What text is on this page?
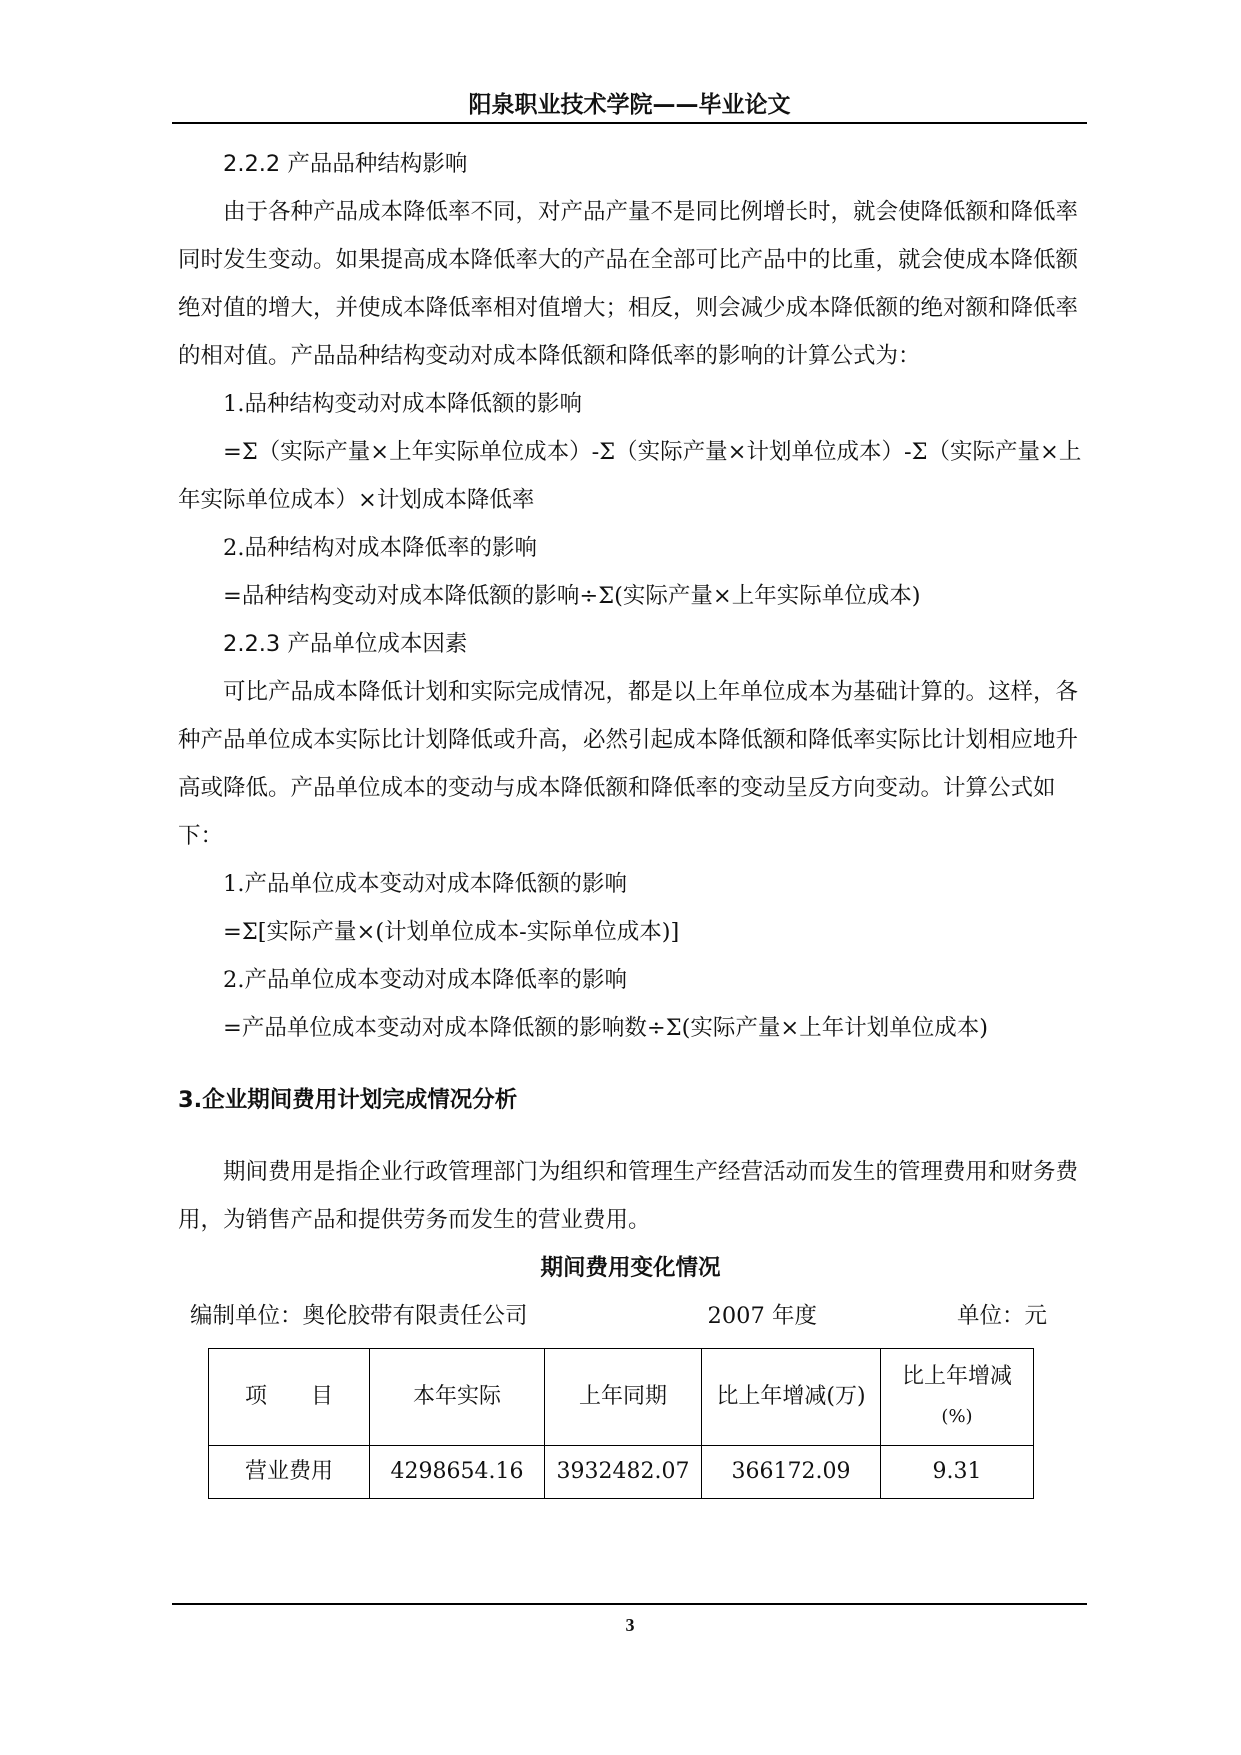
阳泉职业技术学院——毕业论文

2.2.2 产品品种结构影响

由于各种产品成本降低率不同，对产品产量不是同比例增长时，就会使降低额和降低率同时发生变动。如果提高成本降低率大的产品在全部可比产品中的比重，就会使成本降低额绝对值的增大，并使成本降低率相对值增大；相反，则会减少成本降低额的绝对额和降低率的相对值。产品品种结构变动对成本降低额和降低率的影响的计算公式为：

1.品种结构变动对成本降低额的影响

=Σ（实际产量×上年实际单位成本）-Σ（实际产量×计划单位成本）-Σ（实际产量×上年实际单位成本）×计划成本降低率

2.品种结构对成本降低率的影响

=品种结构变动对成本降低额的影响÷Σ(实际产量×上年实际单位成本)

2.2.3 产品单位成本因素

可比产品成本降低计划和实际完成情况，都是以上年单位成本为基础计算的。这样，各种产品单位成本实际比计划降低或升高，必然引起成本降低额和降低率实际比计划相应地升高或降低。产品单位成本的变动与成本降低额和降低率的变动呈反方向变动。计算公式如下：

1.产品单位成本变动对成本降低额的影响

=Σ[实际产量×(计划单位成本-实际单位成本)]

2.产品单位成本变动对成本降低率的影响

=产品单位成本变动对成本降低额的影响数÷Σ(实际产量×上年计划单位成本)

3.企业期间费用计划完成情况分析

期间费用是指企业行政管理部门为组织和管理生产经营活动而发生的管理费用和财务费用，为销售产品和提供劳务而发生的营业费用。

期间费用变化情况

编制单位：奥伦胶带有限责任公司	2007 年度	单位：元
项　　目	本年实际	上年同期	比上年增减(万)	比上年增减
(%)

营业费用	4298654.16	3932482.07	366172.09	9.31
3
